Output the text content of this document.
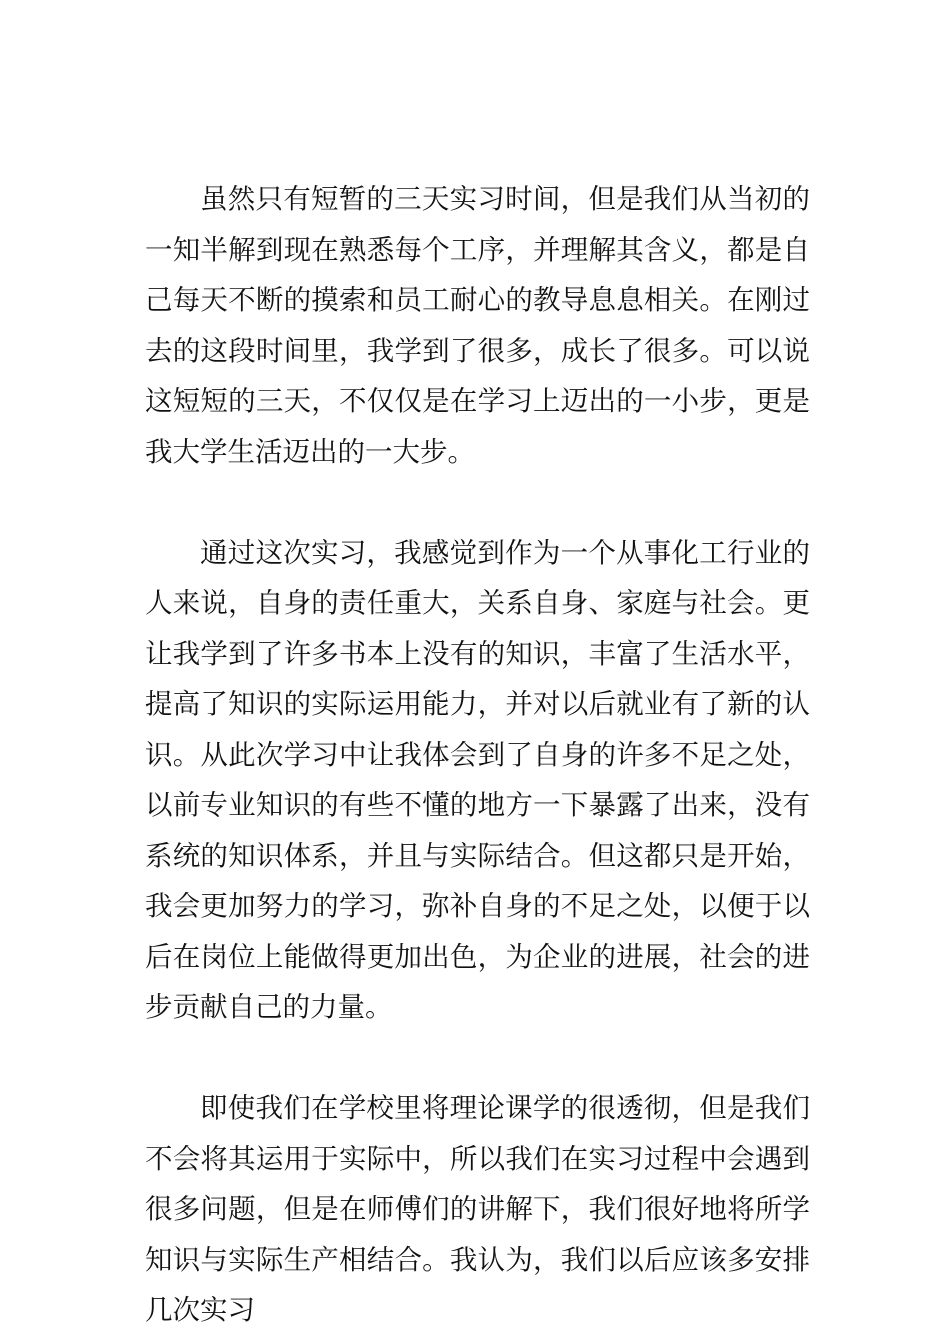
虽然只有短暂的三天实习时间，但是我们从当初的一知半解到现在熟悉每个工序，并理解其含义，都是自己每天不断的摸索和员工耐心的教导息息相关。在刚过去的这段时间里，我学到了很多，成长了很多。可以说这短短的三天，不仅仅是在学习上迈出的一小步，更是我大学生活迈出的一大步。

通过这次实习，我感觉到作为一个从事化工行业的人来说，自身的责任重大，关系自身、家庭与社会。更让我学到了许多书本上没有的知识，丰富了生活水平，提高了知识的实际运用能力，并对以后就业有了新的认识。从此次学习中让我体会到了自身的许多不足之处，以前专业知识的有些不懂的地方一下暴露了出来，没有系统的知识体系，并且与实际结合。但这都只是开始，我会更加努力的学习，弥补自身的不足之处，以便于以后在岗位上能做得更加出色，为企业的进展，社会的进步贡献自己的力量。

即使我们在学校里将理论课学的很透彻，但是我们不会将其运用于实际中，所以我们在实习过程中会遇到很多问题，但是在师傅们的讲解下，我们很好地将所学知识与实际生产相结合。我认为，我们以后应该多安排几次实习
